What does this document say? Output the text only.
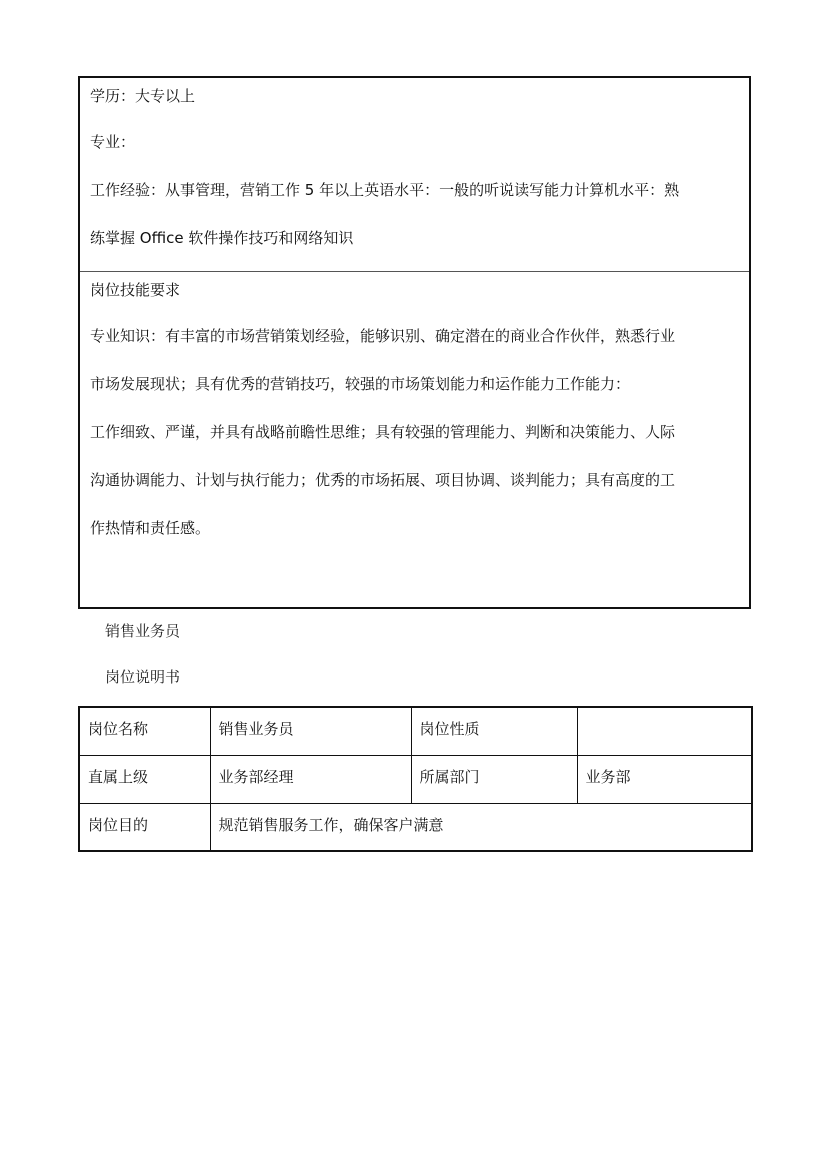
学历：大专以上
专业：
工作经验：从事管理，营销工作 5 年以上英语水平：一般的听说读写能力计算机水平：熟
练掌握 Office 软件操作技巧和网络知识
岗位技能要求
专业知识：有丰富的市场营销策划经验，能够识别、确定潜在的商业合作伙伴，熟悉行业
市场发展现状；具有优秀的营销技巧，较强的市场策划能力和运作能力工作能力：
工作细致、严谨，并具有战略前瞻性思维；具有较强的管理能力、判断和决策能力、人际
沟通协调能力、计划与执行能力；优秀的市场拓展、项目协调、谈判能力；具有高度的工
作热情和责任感。
销售业务员
岗位说明书
岗位名称	销售业务员	岗位性质	
直属上级	业务部经理	所属部门	业务部
岗位目的	规范销售服务工作，确保客户满意		
